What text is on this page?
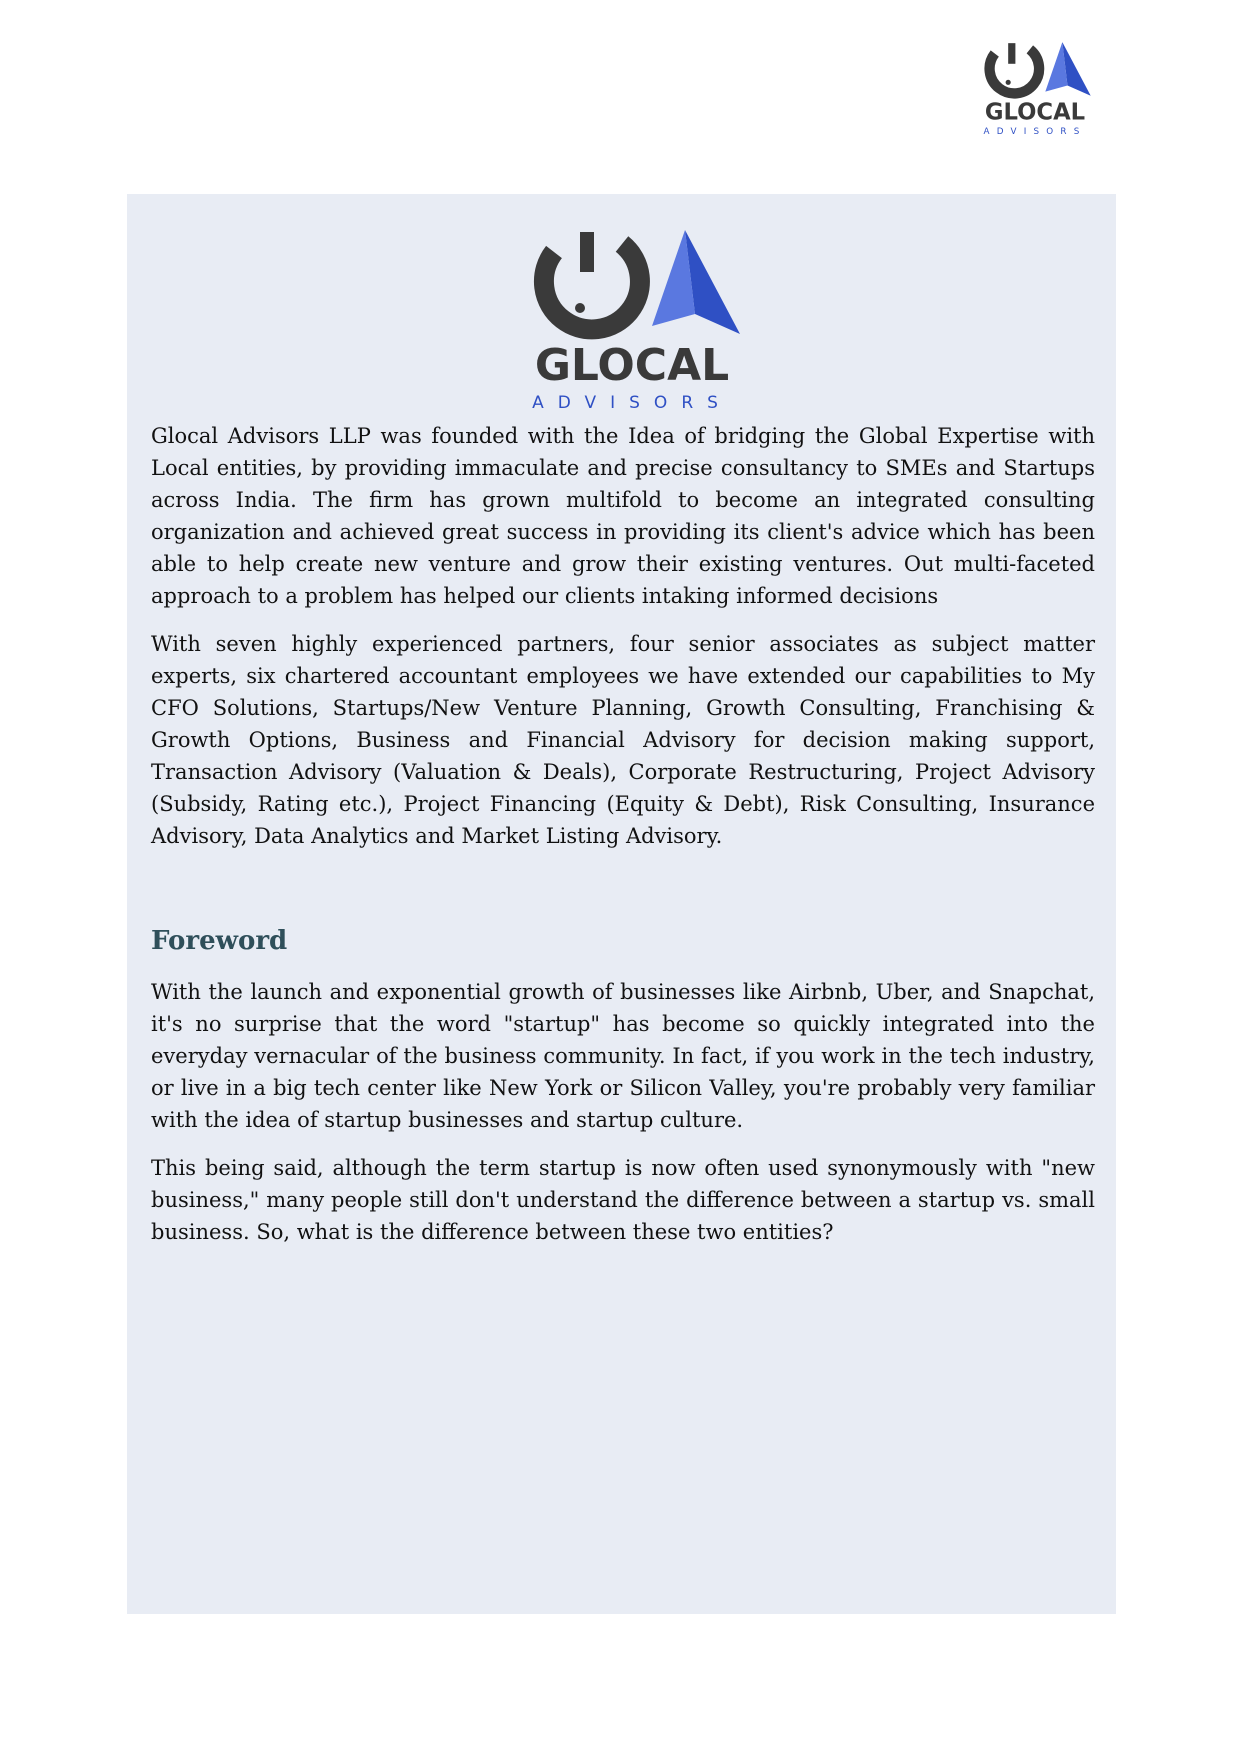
GLOCAL
ADVISORS
GLOCAL
ADVISORS

Glocal Advisors LLP was founded with the Idea of bridging the Global Expertise with Local entities, by providing immaculate and precise consultancy to SMEs and Startups across India. The firm has grown multifold to become an integrated consulting organization and achieved great success in providing its client's advice which has been able to help create new venture and grow their existing ventures. Out multi-faceted approach to a problem has helped our clients intaking informed decisions

With seven highly experienced partners, four senior associates as subject matter experts, six chartered accountant employees we have extended our capabilities to My CFO Solutions, Startups/New Venture Planning, Growth Consulting, Franchising & Growth Options, Business and Financial Advisory for decision making support, Transaction Advisory (Valuation & Deals), Corporate Restructuring, Project Advisory (Subsidy, Rating etc.), Project Financing (Equity & Debt), Risk Consulting, Insurance Advisory, Data Analytics and Market Listing Advisory.

Foreword

With the launch and exponential growth of businesses like Airbnb, Uber, and Snapchat, it's no surprise that the word "startup" has become so quickly integrated into the everyday vernacular of the business community. In fact, if you work in the tech industry, or live in a big tech center like New York or Silicon Valley, you're probably very familiar with the idea of startup businesses and startup culture.

This being said, although the term startup is now often used synonymously with "new business," many people still don't understand the difference between a startup vs. small business. So, what is the difference between these two entities?
